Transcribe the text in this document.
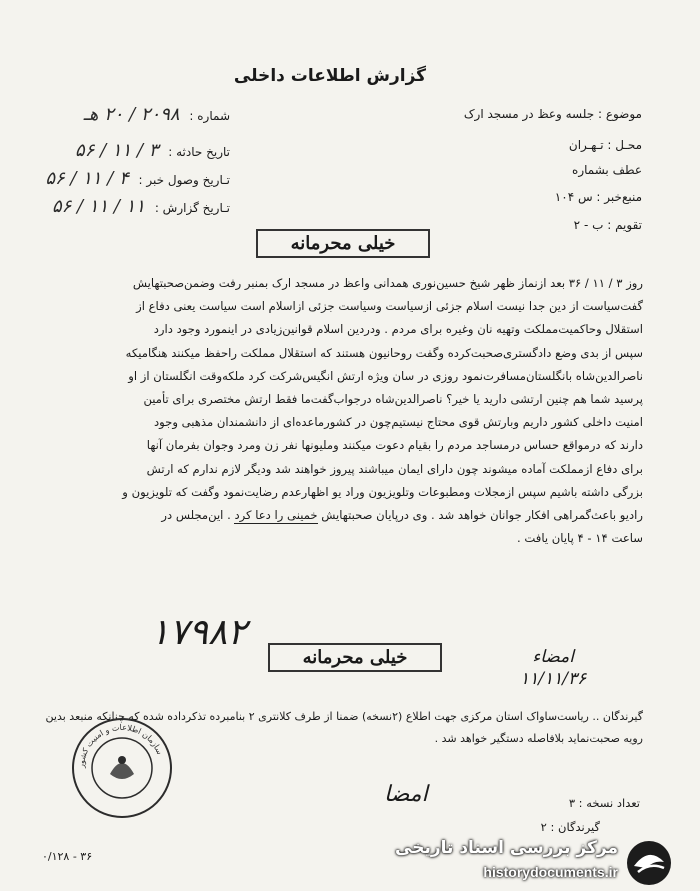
گزارش اطلاعات داخلی
موضوع : جلسه وعظ در مسجد ارک
محـل : تـهـران
عطف بشماره
منبع‌خبر : س ۱۰۴
تقویم : ب - ۲
شماره : ۲۰۹۸ / ۲۰ هـ
تاریخ حادثه : ۳ / ۱۱ / ۵۶
تـاریخ وصول خبر : ۴ / ۱۱ / ۵۶
تـاریخ گزارش : ۱۱ / ۱۱ / ۵۶
خیلی محرمانه

روز ۳ / ۱۱ / ۳۶ بعد ازنماز ظهر شیخ حسین‌نوری همدانی واعظ در مسجد ارک بمنبر رفت وضمن‌صحبتهایش

گفت‌سیاست از دین جدا نیست اسلام جزئی ازسیاست وسیاست جزئی ازاسلام است سیاست یعنی دفاع از

استقلال وحاکمیت‌مملکت وتهیه نان وغیره برای مردم . ودردین اسلام قوانین‌زیادی در اینمورد وجود دارد

سپس از بدی وضع دادگستری‌صحبت‌کرده وگفت روحانیون هستند که استقلال مملکت راحفظ میکنند هنگامیکه

ناصرالدین‌شاه بانگلستان‌مسافرت‌نمود روزی در سان ویژه ارتش انگیس‌شرکت کرد ملکه‌وقت انگلستان از او

پرسید شما هم چنین ارتشی دارید یا خیر؟ ناصرالدین‌شاه درجواب‌گفت‌ما فقط ارتش مختصری برای تأمین

امنیت داخلی کشور داریم وبارتش قوی محتاج نیستیم‌چون در کشورماعده‌ای از دانشمندان مذهبی وجود

دارند که درمواقع حساس درمساجد مردم را بقیام دعوت میکنند وملیونها نفر زن ومرد وجوان بفرمان آنها

برای دفاع ازمملکت آماده میشوند چون دارای ایمان میباشند پیروز خواهند شد ودیگر لازم ندارم که ارتش

بزرگی داشته باشیم سپس ازمجلات ومطبوعات وتلویزیون وراد یو اظهارعدم رضایت‌نمود وگفت که تلویزیون و

رادیو باعث‌گمراهی افکار جوانان خواهد شد . وی درپایان صحبتهایش خمینی را دعا کرد . این‌مجلس در

ساعت ۱۴ - ۴ پایان یافت .

۱۷۹۸۲
خیلی محرمانه	امضاء
۱۱/۱۱/۳۶
گیرندگان .. ریاست‌ساواک استان مرکزی جهت اطلاع (۲نسخه) ضمنا از طرف کلانتری ۲ بنامبرده تذکرداده شده که چنانکه منبعد بدین رویه صحبت‌نماید بلافاصله دستگیر خواهد شد .
سازمان اطلاعات و امنیت کشور
ﺍﻣﻀﺎ	تعداد نسخه : ۳
گیرندگان : ۲
۰/۱۲۸ - ۳۶	مرکز بررسی اسناد تاریخی
historydocuments.ir
